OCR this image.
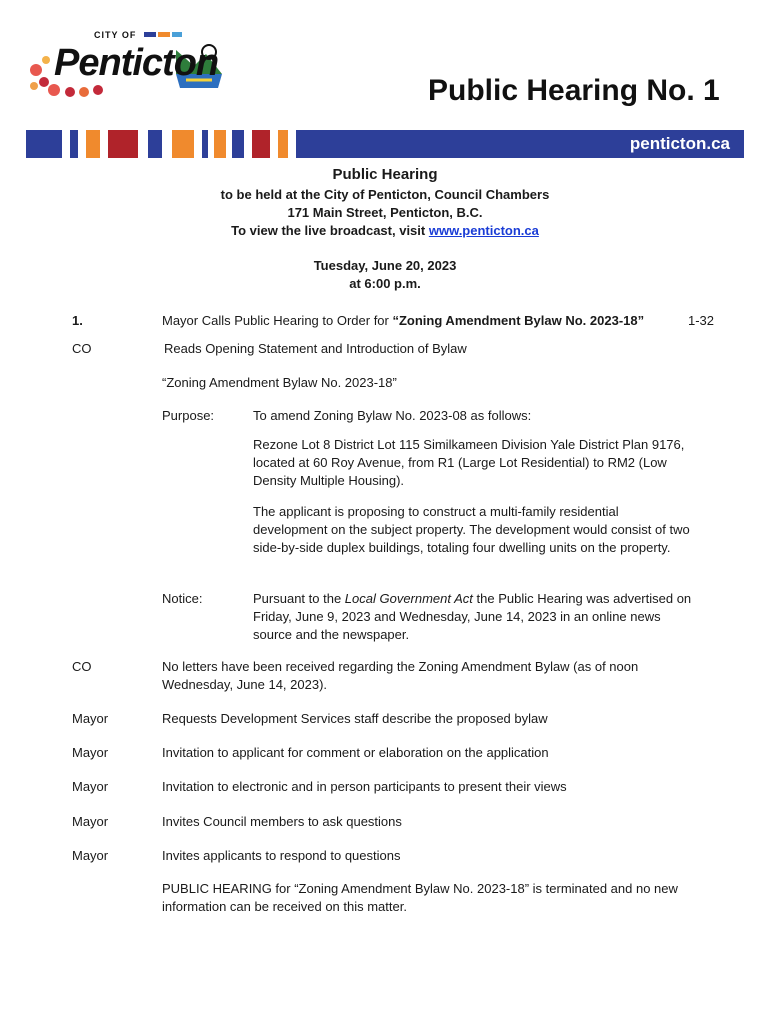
CITY OF
Penticton
Public Hearing No. 1
penticton.ca
Public Hearing
to be held at the City of Penticton, Council Chambers
171 Main Street, Penticton, B.C.
To view the live broadcast, visit www.penticton.ca
Tuesday, June 20, 2023
at 6:00 p.m.
1.	Mayor Calls Public Hearing to Order for “Zoning Amendment Bylaw No. 2023-18”	1-32
CO	Reads Opening Statement and Introduction of Bylaw
“Zoning Amendment Bylaw No. 2023-18”
Purpose:	To amend Zoning Bylaw No. 2023-08 as follows:
Rezone Lot 8 District Lot 115 Similkameen Division Yale District Plan 9176, located at 60 Roy Avenue, from R1 (Large Lot Residential) to RM2 (Low Density Multiple Housing).
The applicant is proposing to construct a multi-family residential development on the subject property. The development would consist of two side-by-side duplex buildings, totaling four dwelling units on the property.
Notice:	Pursuant to the Local Government Act the Public Hearing was advertised on Friday, June 9, 2023 and Wednesday, June 14, 2023 in an online news source and the newspaper.
CO	No letters have been received regarding the Zoning Amendment Bylaw (as of noon Wednesday, June 14, 2023).
Mayor	Requests Development Services staff describe the proposed bylaw
Mayor	Invitation to applicant for comment or elaboration on the application
Mayor	Invitation to electronic and in person participants to present their views
Mayor	Invites Council members to ask questions
Mayor	Invites applicants to respond to questions
PUBLIC HEARING for “Zoning Amendment Bylaw No. 2023-18” is terminated and no new information can be received on this matter.
